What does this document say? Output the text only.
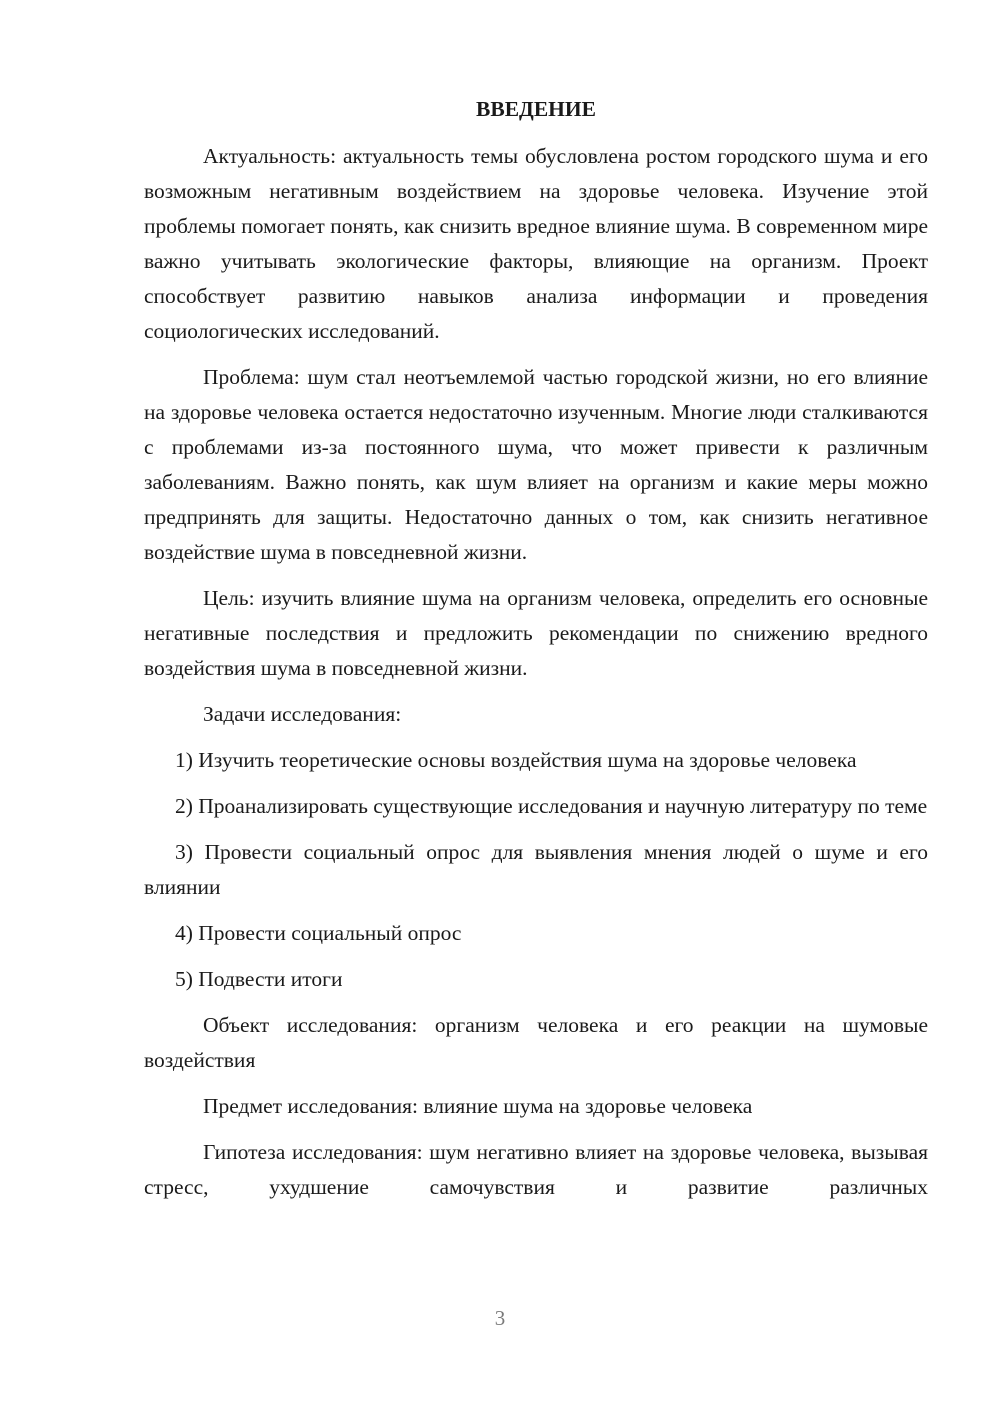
ВВЕДЕНИЕ

Актуальность: актуальность темы обусловлена ростом городского шума и его возможным негативным воздействием на здоровье человека. Изучение этой проблемы помогает понять, как снизить вредное влияние шума. В современном мире важно учитывать экологические факторы, влияющие на организм. Проект способствует развитию навыков анализа информации и проведения социологических исследований.

Проблема: шум стал неотъемлемой частью городской жизни, но его влияние на здоровье человека остается недостаточно изученным. Многие люди сталкиваются с проблемами из-за постоянного шума, что может привести к различным заболеваниям. Важно понять, как шум влияет на организм и какие меры можно предпринять для защиты. Недостаточно данных о том, как снизить негативное воздействие шума в повседневной жизни.

Цель: изучить влияние шума на организм человека, определить его основные негативные последствия и предложить рекомендации по снижению вредного воздействия шума в повседневной жизни.

Задачи исследования:

1) Изучить теоретические основы воздействия шума на здоровье человека

2) Проанализировать существующие исследования и научную литературу по теме

3) Провести социальный опрос для выявления мнения людей о шуме и его влиянии

4) Провести социальный опрос

5) Подвести итоги

Объект исследования: организм человека и его реакции на шумовые воздействия

Предмет исследования: влияние шума на здоровье человека

Гипотеза исследования: шум негативно влияет на здоровье человека, вызывая стресс, ухудшение самочувствия и развитие различных

3
